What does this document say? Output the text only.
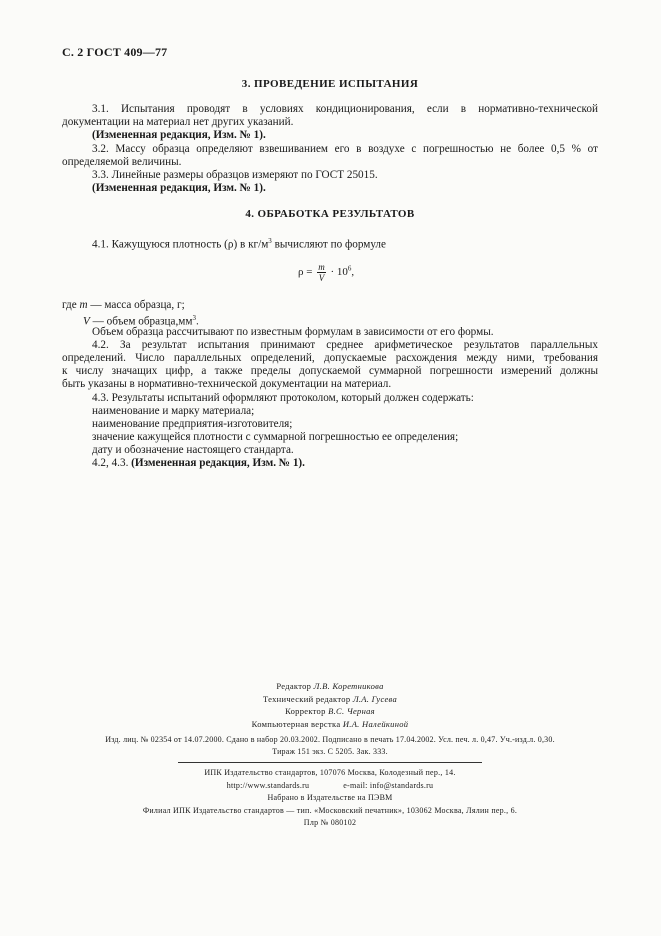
С. 2 ГОСТ 409—77
3. ПРОВЕДЕНИЕ ИСПЫТАНИЯ
3.1. Испытания проводят в условиях кондиционирования, если в нормативно-технической
документации на материал нет других указаний.
(Измененная редакция, Изм. № 1).
3.2. Массу образца определяют взвешиванием его в воздухе с погрешностью не более 0,5 % от
определяемой величины.
3.3. Линейные размеры образцов измеряют по ГОСТ 25015.
(Измененная редакция, Изм. № 1).
4. ОБРАБОТКА РЕЗУЛЬТАТОВ
4.1. Кажущуюся плотность (ρ) в $кг/м^3$ вычисляют по формуле
$\rho = \frac{m}{V} \cdot 10^6$,
где m — масса образца, г;
V — объем $образца,мм^3$.
Объем образца рассчитывают по известным формулам в зависимости от его формы.
4.2. За результат испытания принимают среднее арифметическое результатов параллельных
определений. Число параллельных определений, допускаемые расхождения между ними, требования
к числу значащих цифр, а также пределы допускаемой суммарной погрешности измерений должны
быть указаны в нормативно-технической документации на материал.
4.3. Результаты испытаний оформляют протоколом, который должен содержать:
наименование и марку материала;
наименование предприятия-изготовителя;
значение кажущейся плотности с суммарной погрешностью ее определения;
дату и обозначение настоящего стандарта.
4.2, 4.3. (Измененная редакция, Изм. № 1).
Редактор Л.В. Коретникова
Технический редактор Л.А. Гусева
Корректор В.С. Черная
Компьютерная верстка И.А. Налейкиной
Изд. лиц. № 02354 от 14.07.2000. Сдано в набор 20.03.2002. Подписано в печать 17.04.2002. Усл. печ. л. 0,47. Уч.-изд.л. 0,30.
Тираж 151 экз. С 5205. Зак. 333.
ИПК Издательство стандартов, 107076 Москва, Колодезный пер., 14.
http://www.standards.ru	e-mail: info@standards.ru
Набрано в Издательстве на ПЭВМ
Филиал ИПК Издательство стандартов — тип. «Московский печатник», 103062 Москва, Лялин пер., 6.
Плр № 080102
